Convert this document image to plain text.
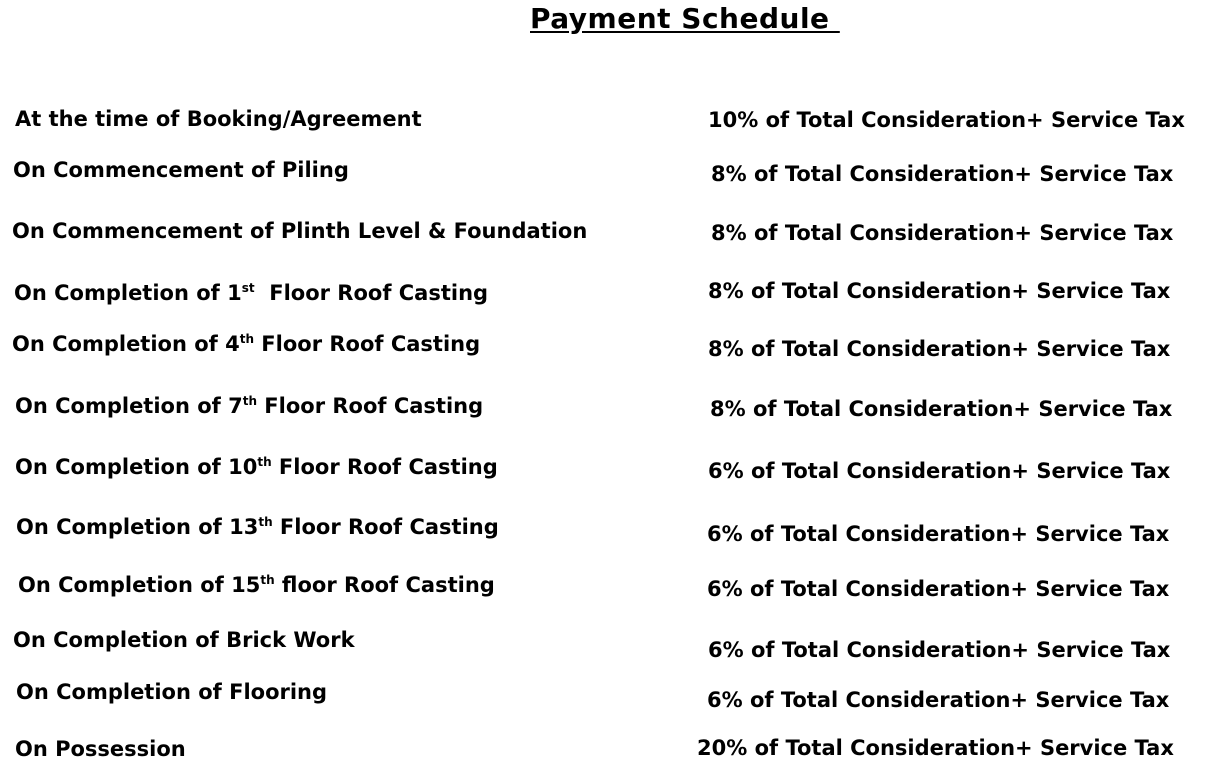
Payment Schedule
At the time of Booking/Agreement	10% of Total Consideration+ Service Tax
On Commencement of Piling	8% of Total Consideration+ Service Tax
On Commencement of Plinth Level & Foundation	8% of Total Consideration+ Service Tax
On Completion of 1st  Floor Roof Casting	8% of Total Consideration+ Service Tax
On Completion of 4th Floor Roof Casting	8% of Total Consideration+ Service Tax
On Completion of 7th Floor Roof Casting	8% of Total Consideration+ Service Tax
On Completion of 10th Floor Roof Casting	6% of Total Consideration+ Service Tax
On Completion of 13th Floor Roof Casting	6% of Total Consideration+ Service Tax
On Completion of 15th floor Roof Casting	6% of Total Consideration+ Service Tax
On Completion of Brick Work	6% of Total Consideration+ Service Tax
On Completion of Flooring	6% of Total Consideration+ Service Tax
On Possession	20% of Total Consideration+ Service Tax
